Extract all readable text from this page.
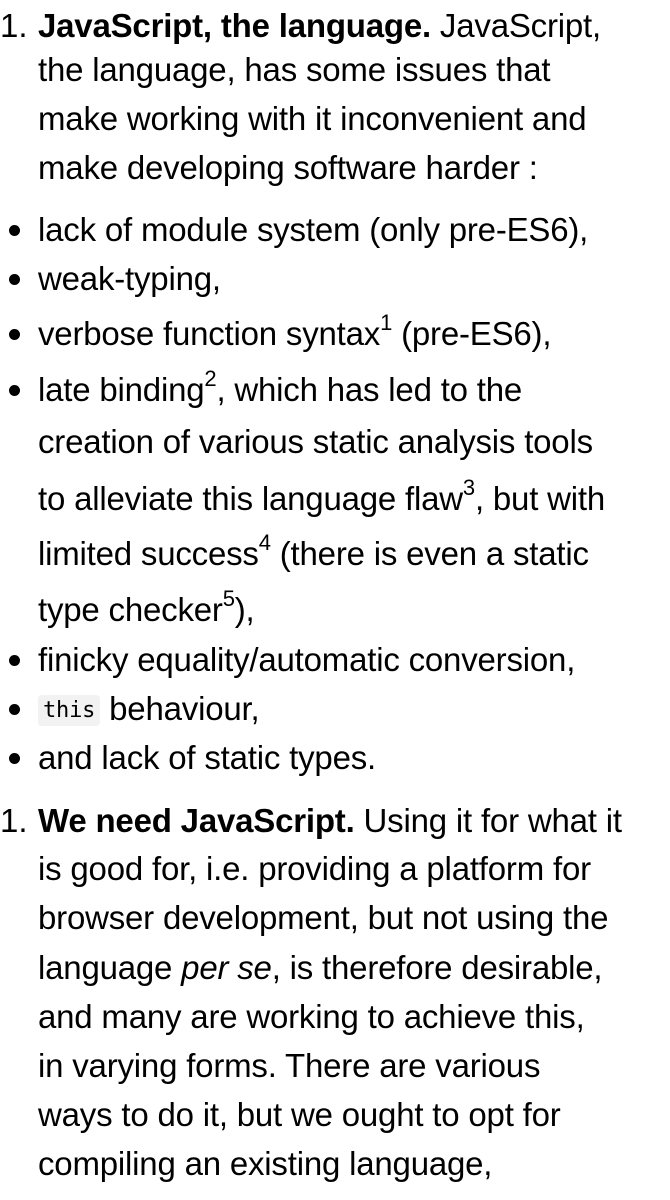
1. JavaScript, the language. JavaScript,
the language, has some issues that
make working with it inconvenient and
make developing software harder :
lack of module system (only pre-ES6),
weak-typing,
verbose function syntax$^1$ (pre-ES6),
late binding$^2$, which has led to the
creation of various static analysis tools
to alleviate this language flaw$^3$, but with
limited success$^4$ (there is even a static
type checker$^5$),
finicky equality/automatic conversion,
this behaviour,
and lack of static types.
1. We need JavaScript. Using it for what it
is good for, i.e. providing a platform for
browser development, but not using the
language per se, is therefore desirable,
and many are working to achieve this,
in varying forms. There are various
ways to do it, but we ought to opt for
compiling an existing language,
